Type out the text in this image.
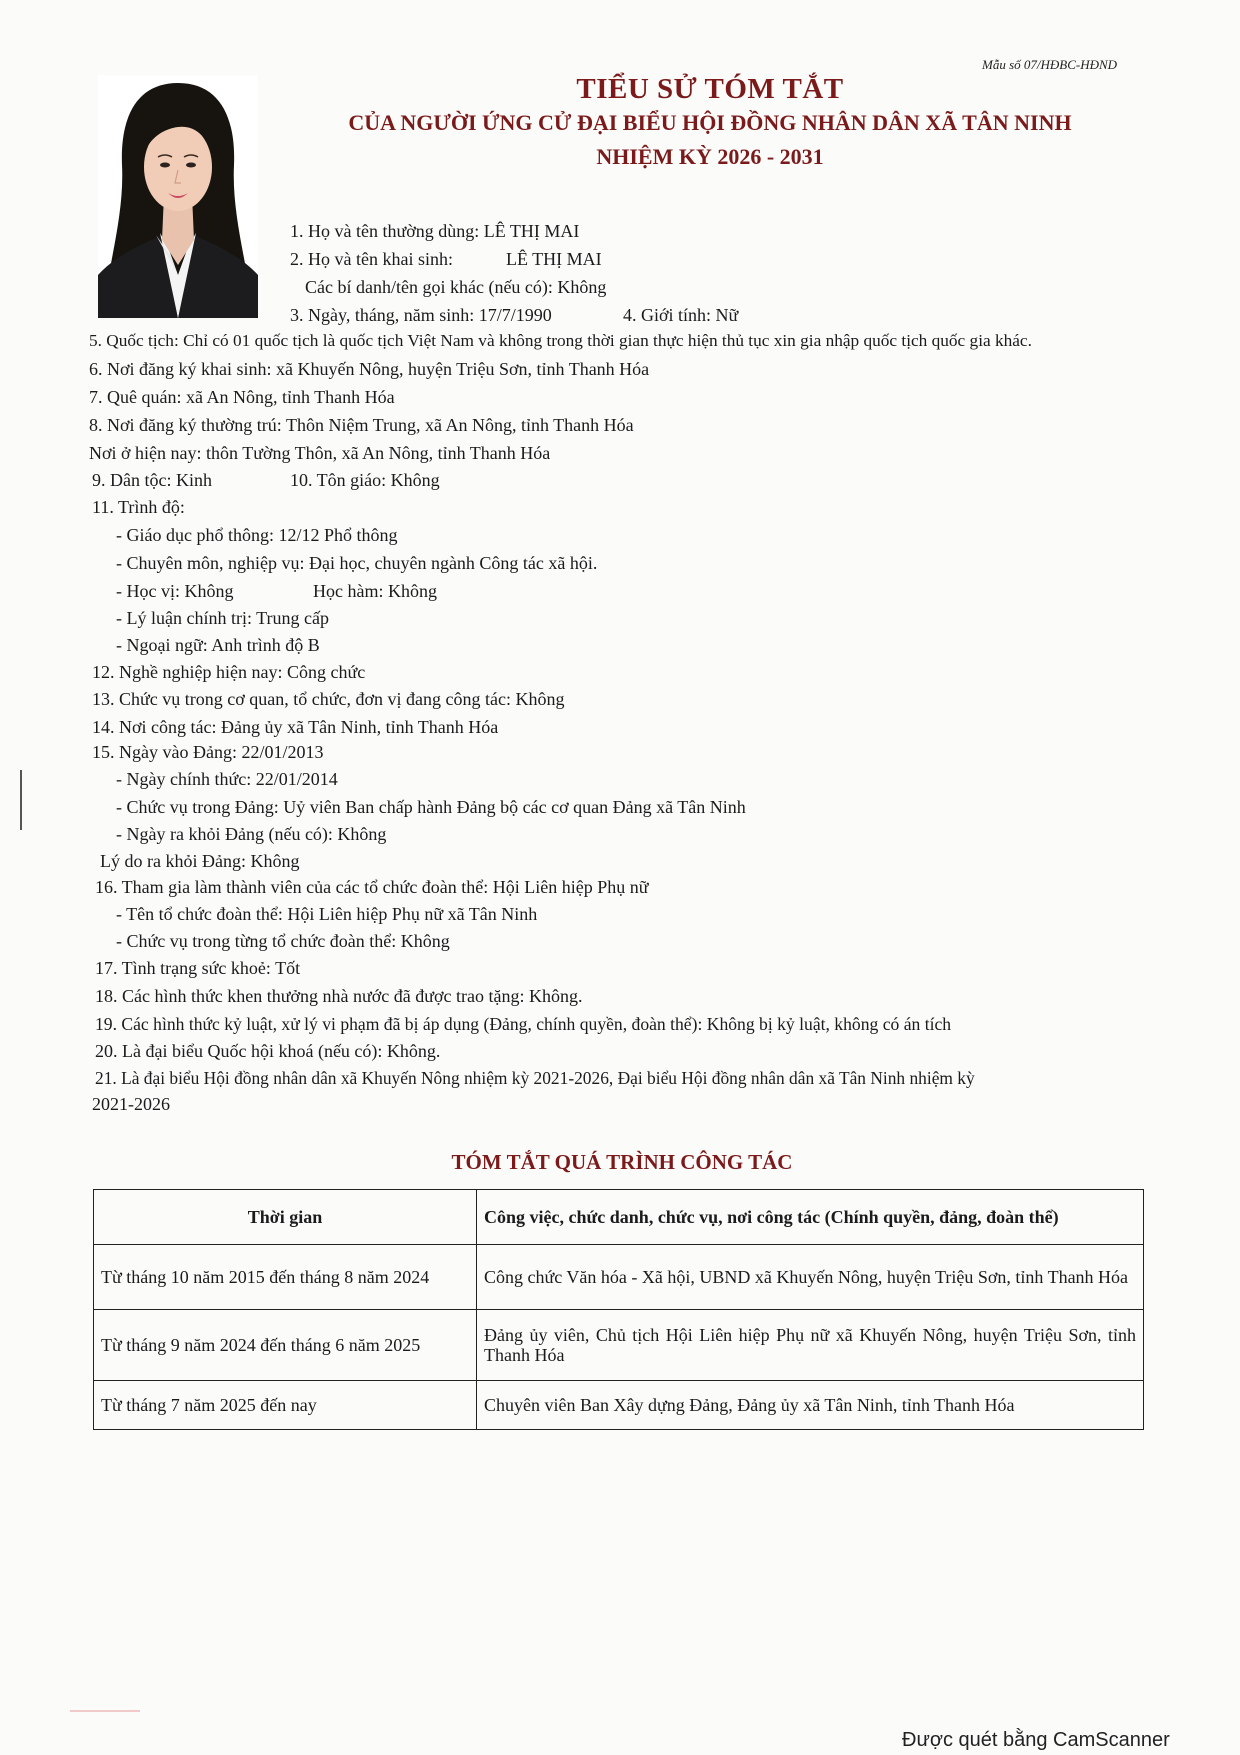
Mẫu số 07/HĐBC-HĐND
TIỂU SỬ TÓM TẮT
CỦA NGƯỜI ỨNG CỬ ĐẠI BIỂU HỘI ĐỒNG NHÂN DÂN XÃ TÂN NINH
NHIỆM KỲ 2026 - 2031
1. Họ và tên thường dùng: LÊ THỊ MAI
2. Họ và tên khai sinh:	LÊ THỊ MAI
Các bí danh/tên gọi khác (nếu có): Không
3. Ngày, tháng, năm sinh: 17/7/1990	4. Giới tính: Nữ
5. Quốc tịch: Chỉ có 01 quốc tịch là quốc tịch Việt Nam và không trong thời gian thực hiện thủ tục xin gia nhập quốc tịch quốc gia khác.
6. Nơi đăng ký khai sinh: xã Khuyến Nông, huyện Triệu Sơn, tỉnh Thanh Hóa
7. Quê quán: xã An Nông, tỉnh Thanh Hóa
8. Nơi đăng ký thường trú: Thôn Niệm Trung, xã An Nông, tỉnh Thanh Hóa
Nơi ở hiện nay: thôn Tường Thôn, xã An Nông, tỉnh Thanh Hóa
9. Dân tộc: Kinh	10. Tôn giáo: Không
11. Trình độ:
- Giáo dục phổ thông: 12/12 Phổ thông
- Chuyên môn, nghiệp vụ: Đại học, chuyên ngành Công tác xã hội.
- Học vị: Không	Học hàm: Không
- Lý luận chính trị: Trung cấp
- Ngoại ngữ: Anh trình độ B
12. Nghề nghiệp hiện nay: Công chức
13. Chức vụ trong cơ quan, tổ chức, đơn vị đang công tác: Không
14. Nơi công tác: Đảng ủy xã Tân Ninh, tỉnh Thanh Hóa
15. Ngày vào Đảng: 22/01/2013
- Ngày chính thức: 22/01/2014
- Chức vụ trong Đảng: Uỷ viên Ban chấp hành Đảng bộ các cơ quan Đảng xã Tân Ninh
- Ngày ra khỏi Đảng (nếu có): Không
Lý do ra khỏi Đảng: Không
16. Tham gia làm thành viên của các tổ chức đoàn thể: Hội Liên hiệp Phụ nữ
- Tên tổ chức đoàn thể: Hội Liên hiệp Phụ nữ xã Tân Ninh
- Chức vụ trong từng tổ chức đoàn thể: Không
17. Tình trạng sức khoẻ: Tốt
18. Các hình thức khen thưởng nhà nước đã được trao tặng: Không.
19. Các hình thức kỷ luật, xử lý vi phạm đã bị áp dụng (Đảng, chính quyền, đoàn thể): Không bị kỷ luật, không có án tích
20. Là đại biểu Quốc hội khoá (nếu có): Không.
21. Là đại biểu Hội đồng nhân dân xã Khuyến Nông nhiệm kỳ 2021-2026, Đại biểu Hội đồng nhân dân xã Tân Ninh nhiệm kỳ
2021-2026
TÓM TẮT QUÁ TRÌNH CÔNG TÁC
Thời gian	Công việc, chức danh, chức vụ, nơi công tác (Chính quyền, đảng, đoàn thể)
Từ tháng 10 năm 2015 đến tháng 8 năm 2024	Công chức Văn hóa - Xã hội, UBND xã Khuyến Nông, huyện Triệu Sơn, tỉnh Thanh Hóa
Từ tháng 9 năm 2024 đến tháng 6 năm 2025	Đảng ủy viên, Chủ tịch Hội Liên hiệp Phụ nữ xã Khuyến Nông, huyện Triệu Sơn, tỉnh Thanh Hóa
Từ tháng 7 năm 2025 đến nay	Chuyên viên Ban Xây dựng Đảng, Đảng ủy xã Tân Ninh, tỉnh Thanh Hóa
Được quét bằng CamScanner
